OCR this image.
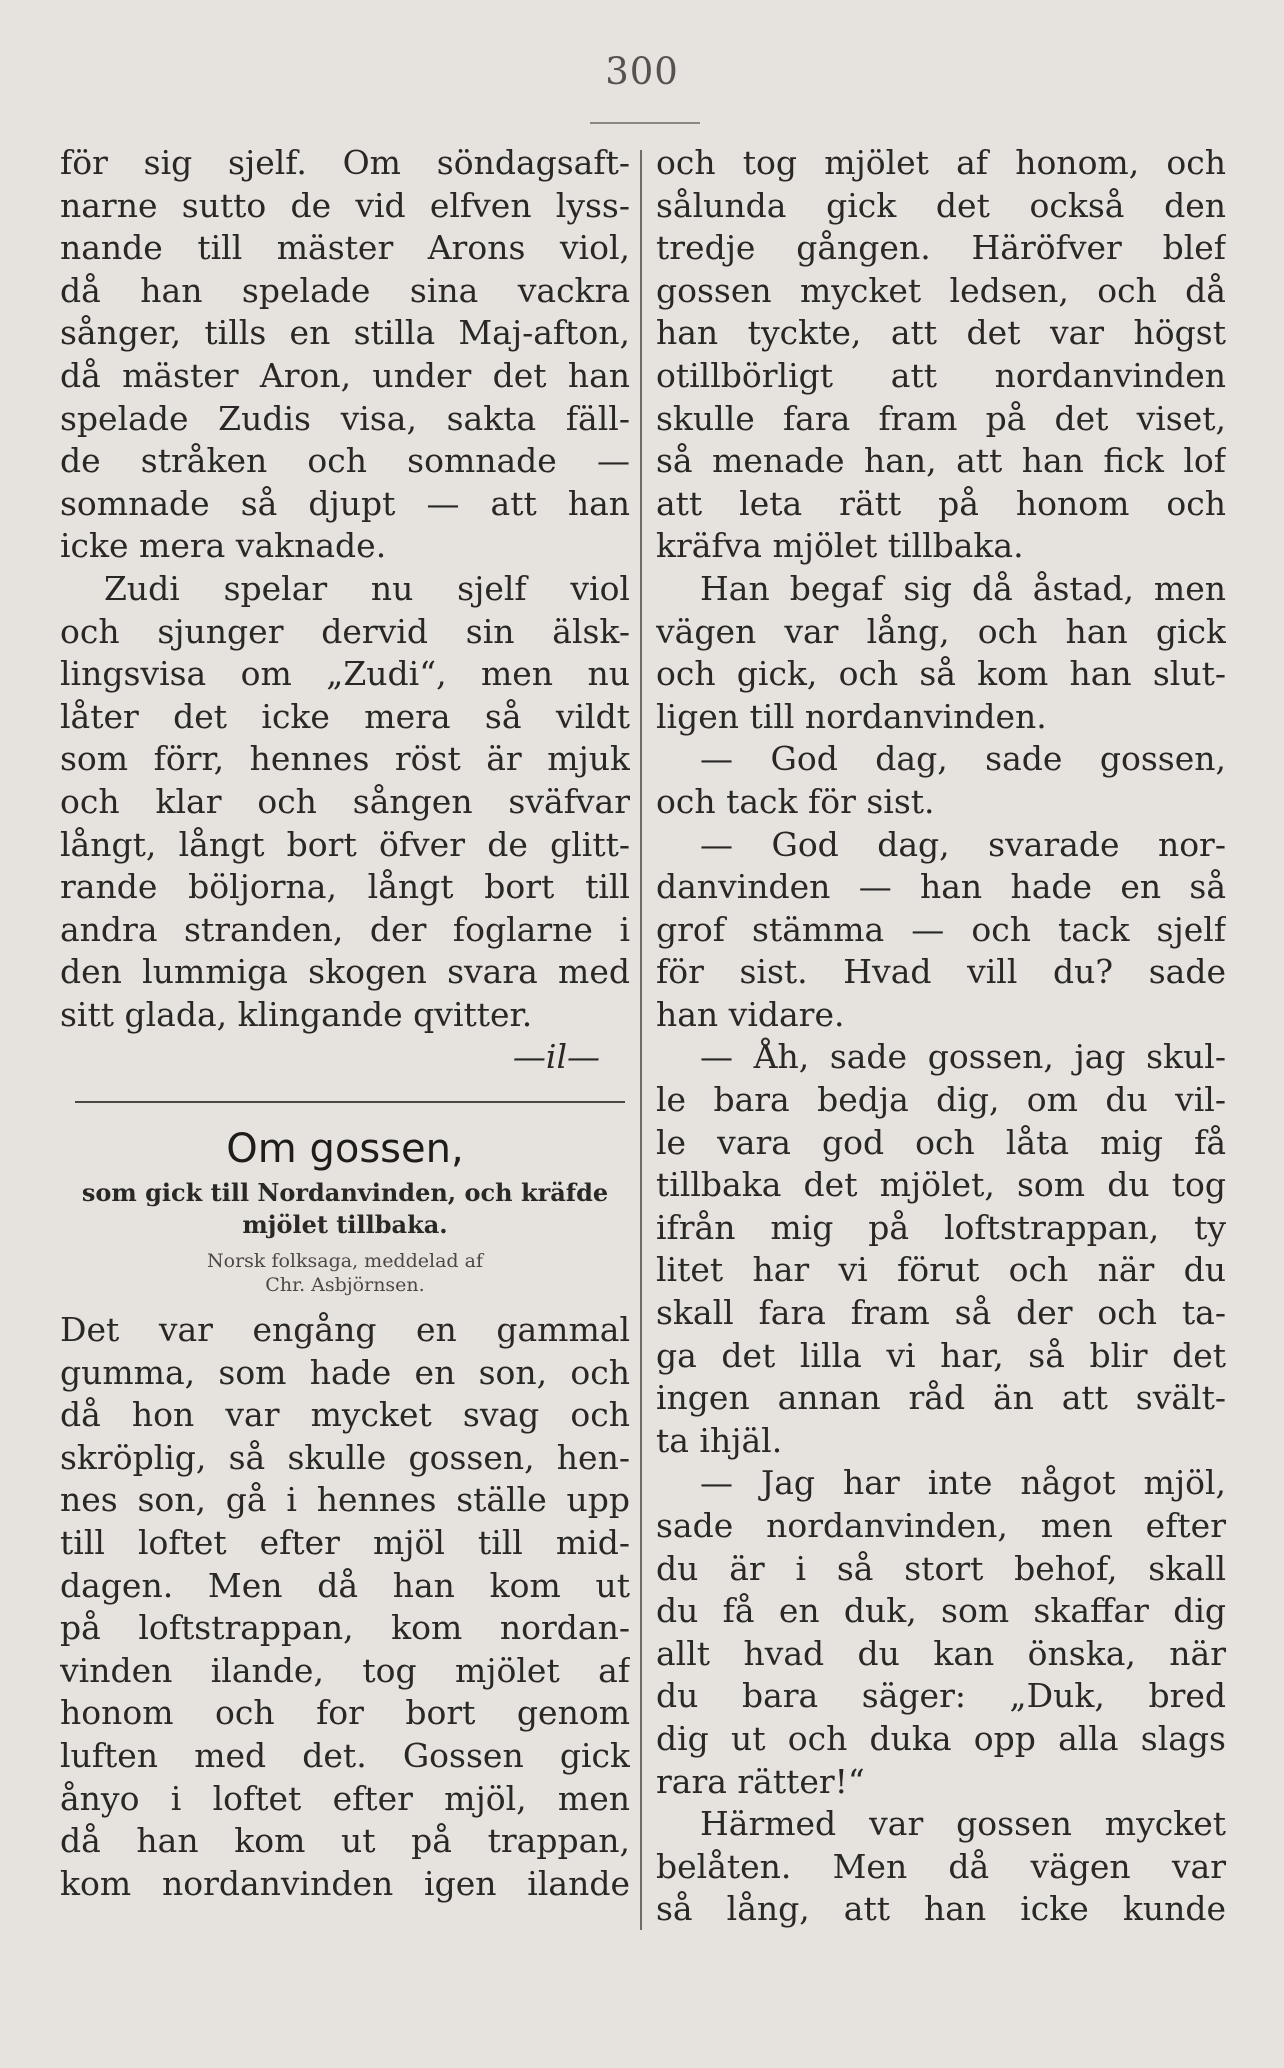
300
för sig sjelf. Om söndagsaft-
narne sutto de vid elfven lyss-
nande till mäster Arons viol,
då han spelade sina vackra
sånger, tills en stilla Maj-afton,
då mäster Aron, under det han
spelade Zudis visa, sakta fäll-
de stråken och somnade —
somnade så djupt — att han
icke mera vaknade.
Zudi spelar nu sjelf viol
och sjunger dervid sin älsk-
lingsvisa om „Zudi“, men nu
låter det icke mera så vildt
som förr, hennes röst är mjuk
och klar och sången sväfvar
långt, långt bort öfver de glitt-
rande böljorna, långt bort till
andra stranden, der foglarne i
den lummiga skogen svara med
sitt glada, klingande qvitter.
—il—
Om gossen,
som gick till Nordanvinden, och kräfde
mjölet tillbaka.
Norsk folksaga, meddelad af
Chr. Asbjörnsen.
Det var engång en gammal
gumma, som hade en son, och
då hon var mycket svag och
skröplig, så skulle gossen, hen-
nes son, gå i hennes ställe upp
till loftet efter mjöl till mid-
dagen. Men då han kom ut
på loftstrappan, kom nordan-
vinden ilande, tog mjölet af
honom och for bort genom
luften med det. Gossen gick
ånyo i loftet efter mjöl, men
då han kom ut på trappan,
kom nordanvinden igen ilande
och tog mjölet af honom, och
sålunda gick det också den
tredje gången. Häröfver blef
gossen mycket ledsen, och då
han tyckte, att det var högst
otillbörligt att nordanvinden
skulle fara fram på det viset,
så menade han, att han fick lof
att leta rätt på honom och
kräfva mjölet tillbaka.
Han begaf sig då åstad, men
vägen var lång, och han gick
och gick, och så kom han slut-
ligen till nordanvinden.
— God dag, sade gossen,
och tack för sist.
— God dag, svarade nor-
danvinden — han hade en så
grof stämma — och tack sjelf
för sist. Hvad vill du? sade
han vidare.
— Åh, sade gossen, jag skul-
le bara bedja dig, om du vil-
le vara god och låta mig få
tillbaka det mjölet, som du tog
ifrån mig på loftstrappan, ty
litet har vi förut och när du
skall fara fram så der och ta-
ga det lilla vi har, så blir det
ingen annan råd än att svält-
ta ihjäl.
— Jag har inte något mjöl,
sade nordanvinden, men efter
du är i så stort behof, skall
du få en duk, som skaffar dig
allt hvad du kan önska, när
du bara säger: „Duk, bred
dig ut och duka opp alla slags
rara rätter!“
Härmed var gossen mycket
belåten. Men då vägen var
så lång, att han icke kunde
